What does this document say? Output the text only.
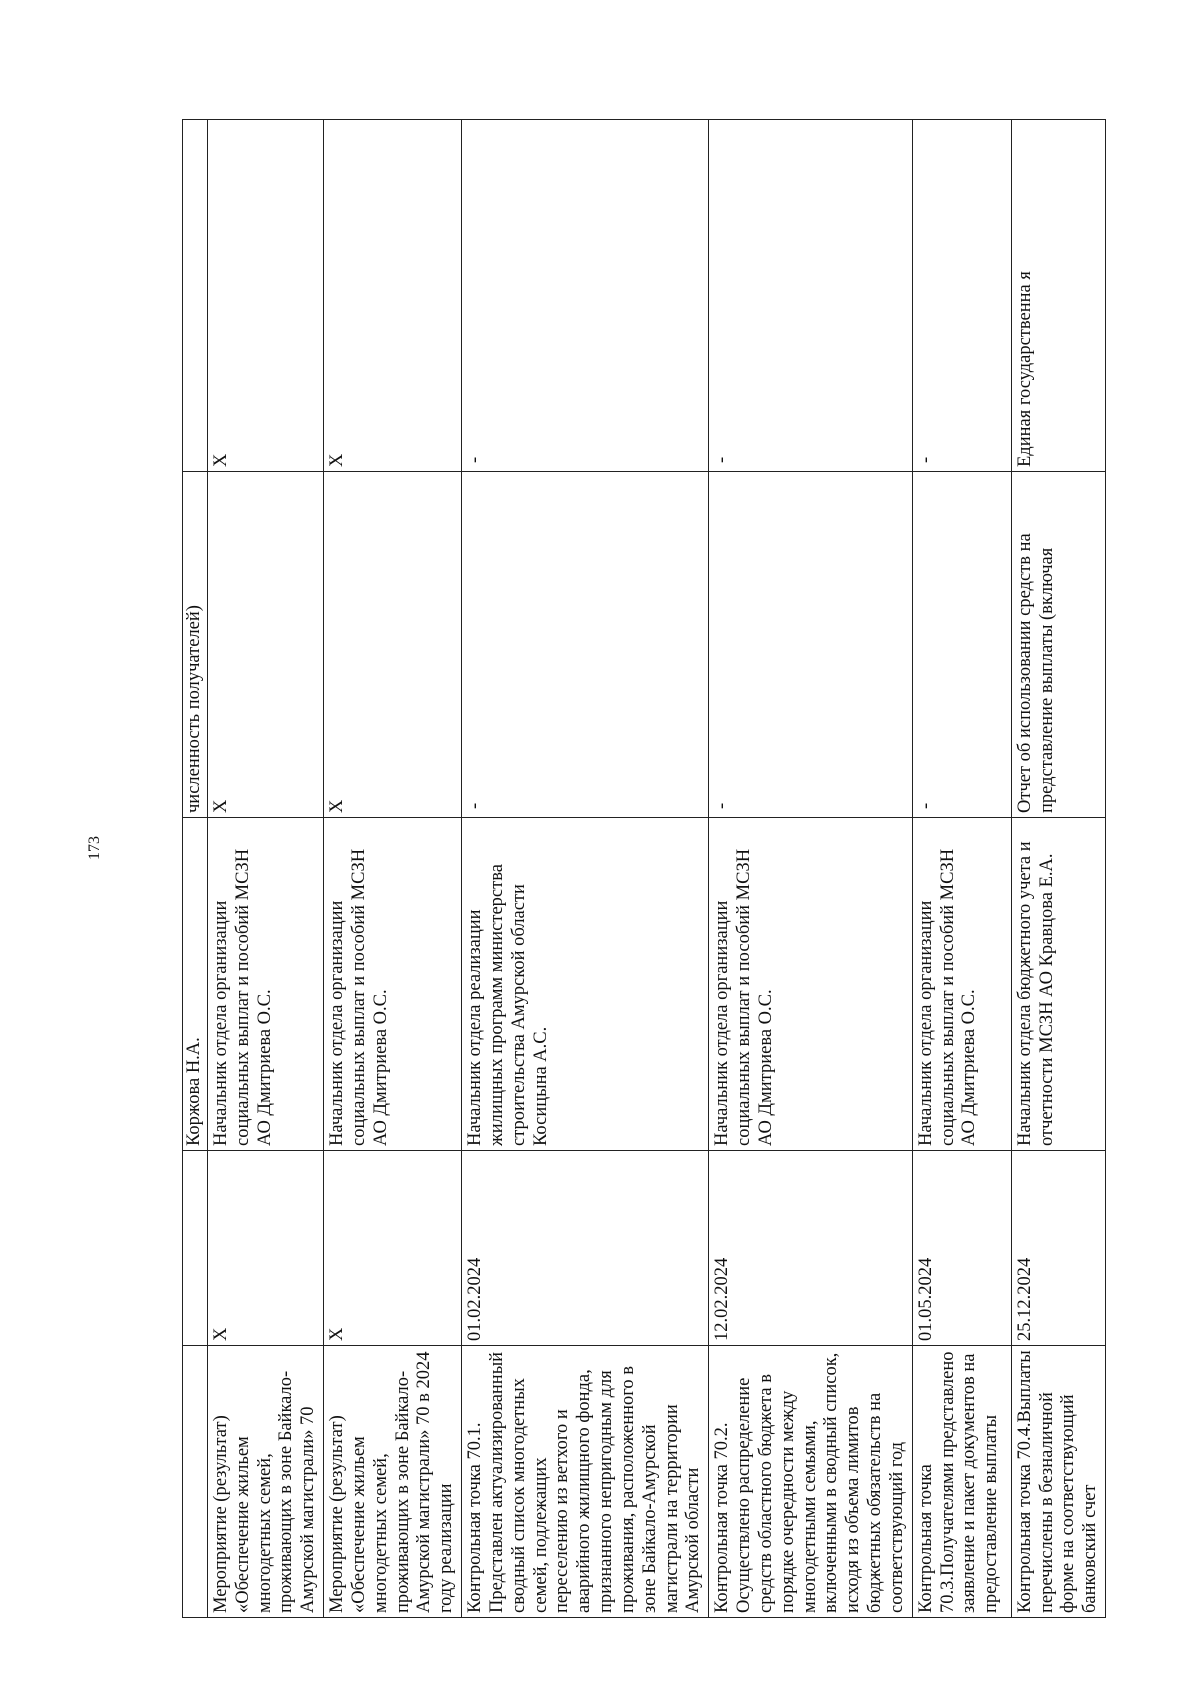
173
		Коржова Н.А.	численность получателей)	
Мероприятие (результат) «Обеспечение жильем многодетных семей, проживающих в зоне Байкало-Амурской магистрали» 70	Х	Начальник отдела организации социальных выплат и пособий МСЗН АО Дмитриева О.С.	Х	Х
Мероприятие (результат) «Обеспечение жильем многодетных семей, проживающих в зоне Байкало-Амурской магистрали» 70 в 2024 году реализации	Х	Начальник отдела организации социальных выплат и пособий МСЗН АО Дмитриева О.С.	Х	Х
Контрольная точка 70.1. Представлен актуализированный сводный список многодетных семей, подлежащих переселению из ветхого и аварийного жилищного фонда, признанного непригодным для проживания, расположенного в зоне Байкало-Амурской магистрали на территории Амурской области	01.02.2024	Начальник отдела реализации жилищных программ министерства строительства Амурской области Косицына А.С.	-	-
Контрольная точка 70.2. Осуществлено распределение средств областного бюджета в порядке очередности между многодетными семьями, включенными в сводный список, исходя из объема лимитов бюджетных обязательств на соответствующий год	12.02.2024	Начальник отдела организации социальных выплат и пособий МСЗН АО Дмитриева О.С.	-	-
Контрольная точка 70.3.Получателями представлено заявление и пакет документов на предоставление выплаты	01.05.2024	Начальник отдела организации социальных выплат и пособий МСЗН АО Дмитриева О.С.	-	-
Контрольная точка 70.4.Выплаты перечислены в безналичной форме на соответствующий банковский счет	25.12.2024	Начальник отдела бюджетного учета и отчетности МСЗН АО Кравцова Е.А.	Отчет об использовании средств на представление выплаты (включая	Единая государственна я
